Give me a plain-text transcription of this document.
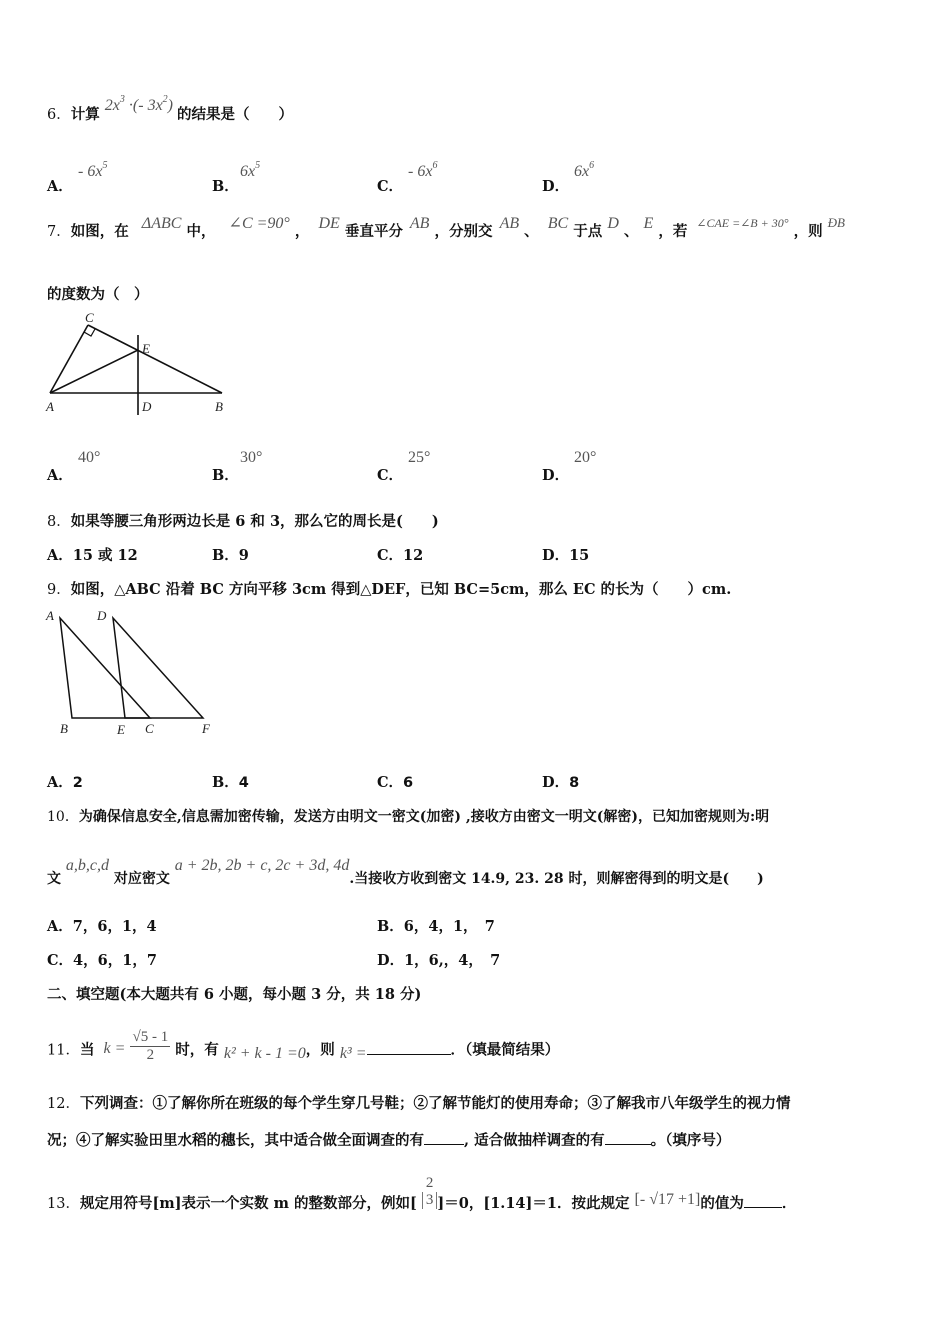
6．计算 $2x^3$ ·(- $3x^2$) 的结果是（　　）
A．
- $6x^5$
B．
$6x^5$
C．
- $6x^6$
D．
$6x^6$
7．如图，在 ΔABC 中， ∠C =90° ， DE 垂直平分 AB ，分别交 AB 、 BC 于点 D 、 E ，若 $^{\angle CAE =\angle B + 30^\circ}$ ，则 ÐB
的度数为（　）
C
E
A	D	B
A．
40°
B．
30°
C．
25°
D．
20°
8．如果等腰三角形两边长是 6 和 3，那么它的周长是(　　)
A．15 或 12	B．9	C．12	D．15
9．如图，△ABC 沿着 BC 方向平移 3cm 得到△DEF，已知 BC=5cm，那么 EC 的长为（　　）cm.
A	D
B	E C	F
A．2	B．4	C．6	D．8
10．为确保信息安全,信息需加密传输，发送方由明文一密文(加密) ,接收方由密文一明文(解密)，已知加密规则为:明
文 a,b,c,d 对应密文 a + 2b, 2b + c, 2c + 3d, 4d.当接收方收到密文 14.9, 23. 28 时，则解密得到的明文是(　　)
A．7，6，1，4	B．6，4，1，　7
C．4，6，1，7	D．1，6,，4，　7
二、填空题(本大题共有 6 小题，每小题 3 分，共 18 分)
11．当 $k = \frac{√5 - 1}{2}$ 时，有 k² + k - 1 =0，则 k³ =	．（填最简结果）
12．下列调查：①了解你所在班级的每个学生穿几号鞋；②了解节能灯的使用寿命；③了解我市八年级学生的视力情
况；④了解实验田里水稻的穗长，其中适合做全面调查的有	, 适合做抽样调查的有	。（填序号）
13．规定用符号[m]表示一个实数 m 的整数部分，例如[
2
3 ]＝0，[1.14]＝1．按此规定 [- √17 +1]的值为	．
